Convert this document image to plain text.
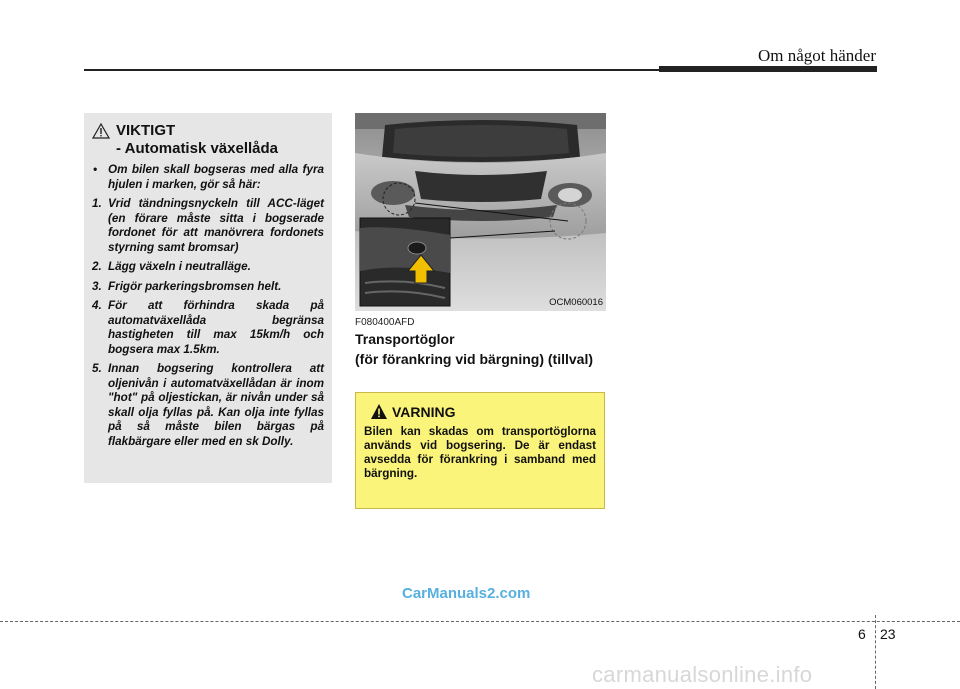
Om något händer
VIKTIGT
- Automatisk växellåda
• Om bilen skall bogseras med alla fyra hjulen i marken, gör så här:
1. Vrid tändningsnyckeln till ACC-läget (en förare måste sitta i bogserade fordonet för att manövrera fordonets styrning samt bromsar)
2. Lägg växeln i neutralläge.
3. Frigör parkeringsbromsen helt.
4. För att förhindra skada på automatväxellåda begränsa hastigheten till max 15km/h och bogsera max 1.5km.
5. Innan bogsering kontrollera att oljenivån i automatväxellådan är inom "hot" på oljestickan, är nivån under så skall olja fyllas på. Kan olja inte fyllas på så måste bilen bärgas på flakbärgare eller med en sk Dolly.
OCM060016
F080400AFD
Transportöglor
(för förankring vid bärgning) (tillval)
VARNING
Bilen kan skadas om transportöglorna används vid bogsering. De är endast avsedda för förankring i samband med bärgning.
CarManuals2.com
6 23
carmanualsonline.info
